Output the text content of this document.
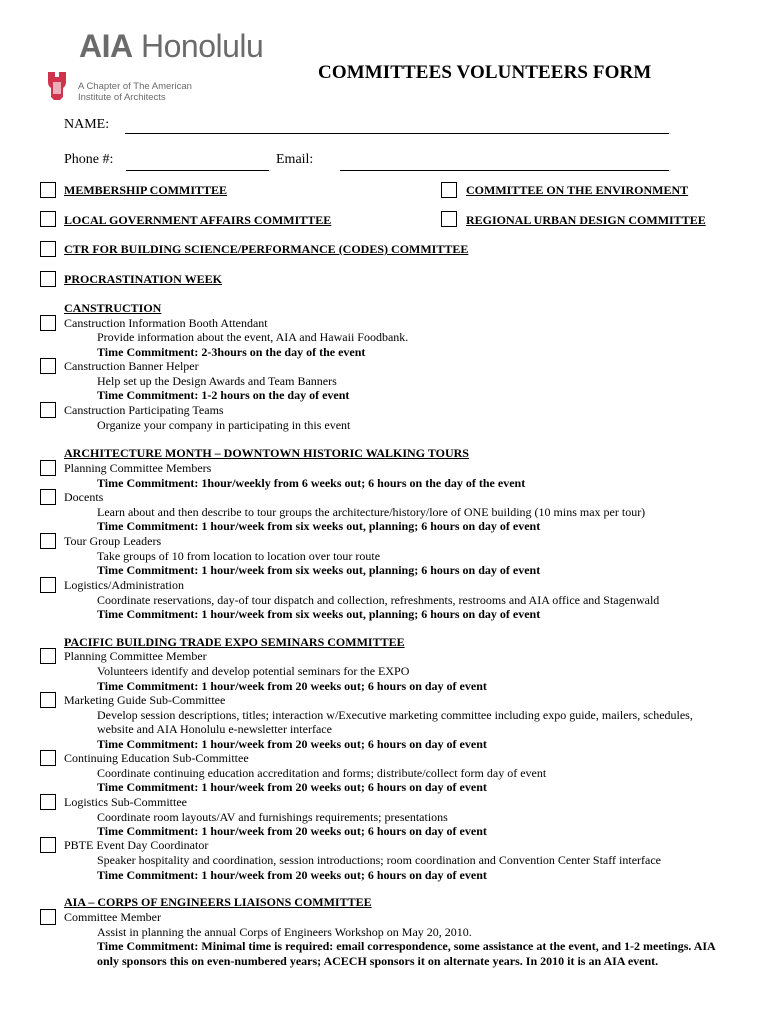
AIA Honolulu
A Chapter of The American
Institute of Architects
COMMITTEES VOLUNTEERS FORM
NAME:
Phone #:	Email:
MEMBERSHIP COMMITTEE	COMMITTEE ON THE ENVIRONMENT
LOCAL GOVERNMENT AFFAIRS COMMITTEE	REGIONAL URBAN DESIGN COMMITTEE
CTR FOR BUILDING SCIENCE/PERFORMANCE (CODES) COMMITTEE
PROCRASTINATION WEEK
CANSTRUCTION
Canstruction Information Booth Attendant
Provide information about the event, AIA and Hawaii Foodbank.
Time Commitment: 2-3hours on the day of the event
Canstruction Banner Helper
Help set up the Design Awards and Team Banners
Time Commitment: 1-2 hours on the day of event
Canstruction Participating Teams
Organize your company in participating in this event
ARCHITECTURE MONTH – DOWNTOWN HISTORIC WALKING TOURS
Planning Committee Members
Time Commitment: 1hour/weekly from 6 weeks out; 6 hours on the day of the event
Docents
Learn about and then describe to tour groups the architecture/history/lore of ONE building (10 mins max per tour)
Time Commitment: 1 hour/week from six weeks out, planning; 6 hours on day of event
Tour Group Leaders
Take groups of 10 from location to location over tour route
Time Commitment: 1 hour/week from six weeks out, planning; 6 hours on day of event
Logistics/Administration
Coordinate reservations, day-of tour dispatch and collection, refreshments, restrooms and AIA office and Stagenwald
Time Commitment: 1 hour/week from six weeks out, planning; 6 hours on day of event
PACIFIC BUILDING TRADE EXPO SEMINARS COMMITTEE
Planning Committee Member
Volunteers identify and develop potential seminars for the EXPO
Time Commitment: 1 hour/week from 20 weeks out; 6 hours on day of event
Marketing Guide Sub-Committee
Develop session descriptions, titles; interaction w/Executive marketing committee including expo guide, mailers, schedules,
website and AIA Honolulu e-newsletter interface
Time Commitment: 1 hour/week from 20 weeks out; 6 hours on day of event
Continuing Education Sub-Committee
Coordinate continuing education accreditation and forms; distribute/collect form day of event
Time Commitment: 1 hour/week from 20 weeks out; 6 hours on day of event
Logistics Sub-Committee
Coordinate room layouts/AV and furnishings requirements; presentations
Time Commitment: 1 hour/week from 20 weeks out; 6 hours on day of event
PBTE Event Day Coordinator
Speaker hospitality and coordination, session introductions; room coordination and Convention Center Staff interface
Time Commitment: 1 hour/week from 20 weeks out; 6 hours on day of event
AIA – CORPS OF ENGINEERS LIAISONS COMMITTEE
Committee Member
Assist in planning the annual Corps of Engineers Workshop on May 20, 2010.
Time Commitment: Minimal time is required: email correspondence, some assistance at the event, and 1-2 meetings. AIA
only sponsors this on even-numbered years; ACECH sponsors it on alternate years. In 2010 it is an AIA event.
